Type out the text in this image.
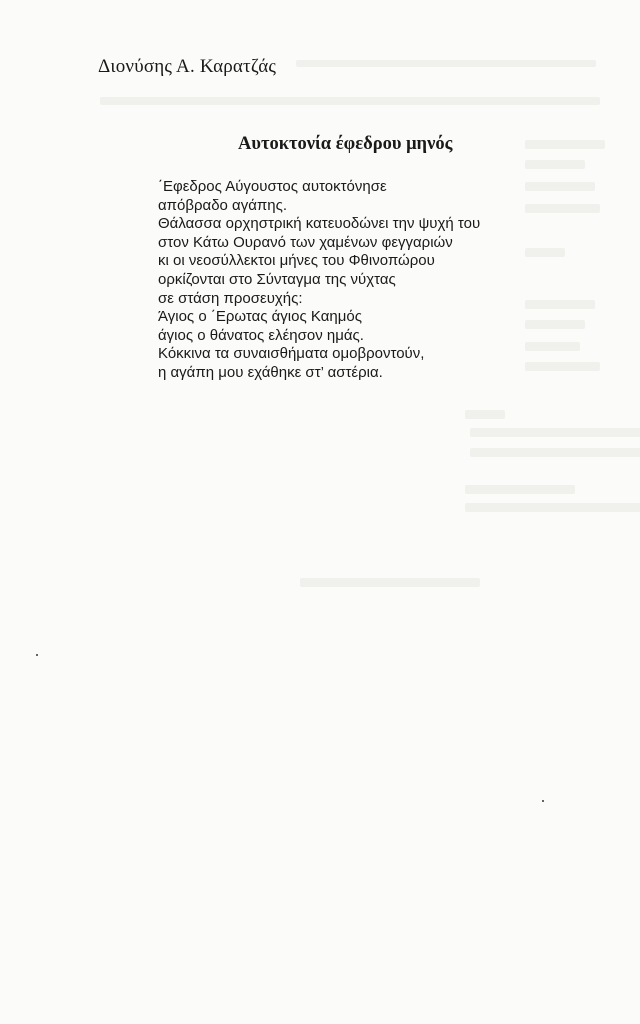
Διονύσης Α. Καρατζάς
Αυτοκτονία έφεδρου μηνός
΄Εφεδρος Αύγουστος αυτοκτόνησε
απόβραδο αγάπης.
Θάλασσα ορχηστρική κατευοδώνει την ψυχή του
στον Κάτω Ουρανό των χαμένων φεγγαριών
κι οι νεοσύλλεκτοι μήνες του Φθινοπώρου
ορκίζονται στο Σύνταγμα της νύχτας
σε στάση προσευχής:
Άγιος ο ΄Ερωτας άγιος Καημός
άγιος ο θάνατος ελέησον ημάς.
Κόκκινα τα συναισθήματα ομοβροντούν,
η αγάπη μου εχάθηκε στ’ αστέρια.
